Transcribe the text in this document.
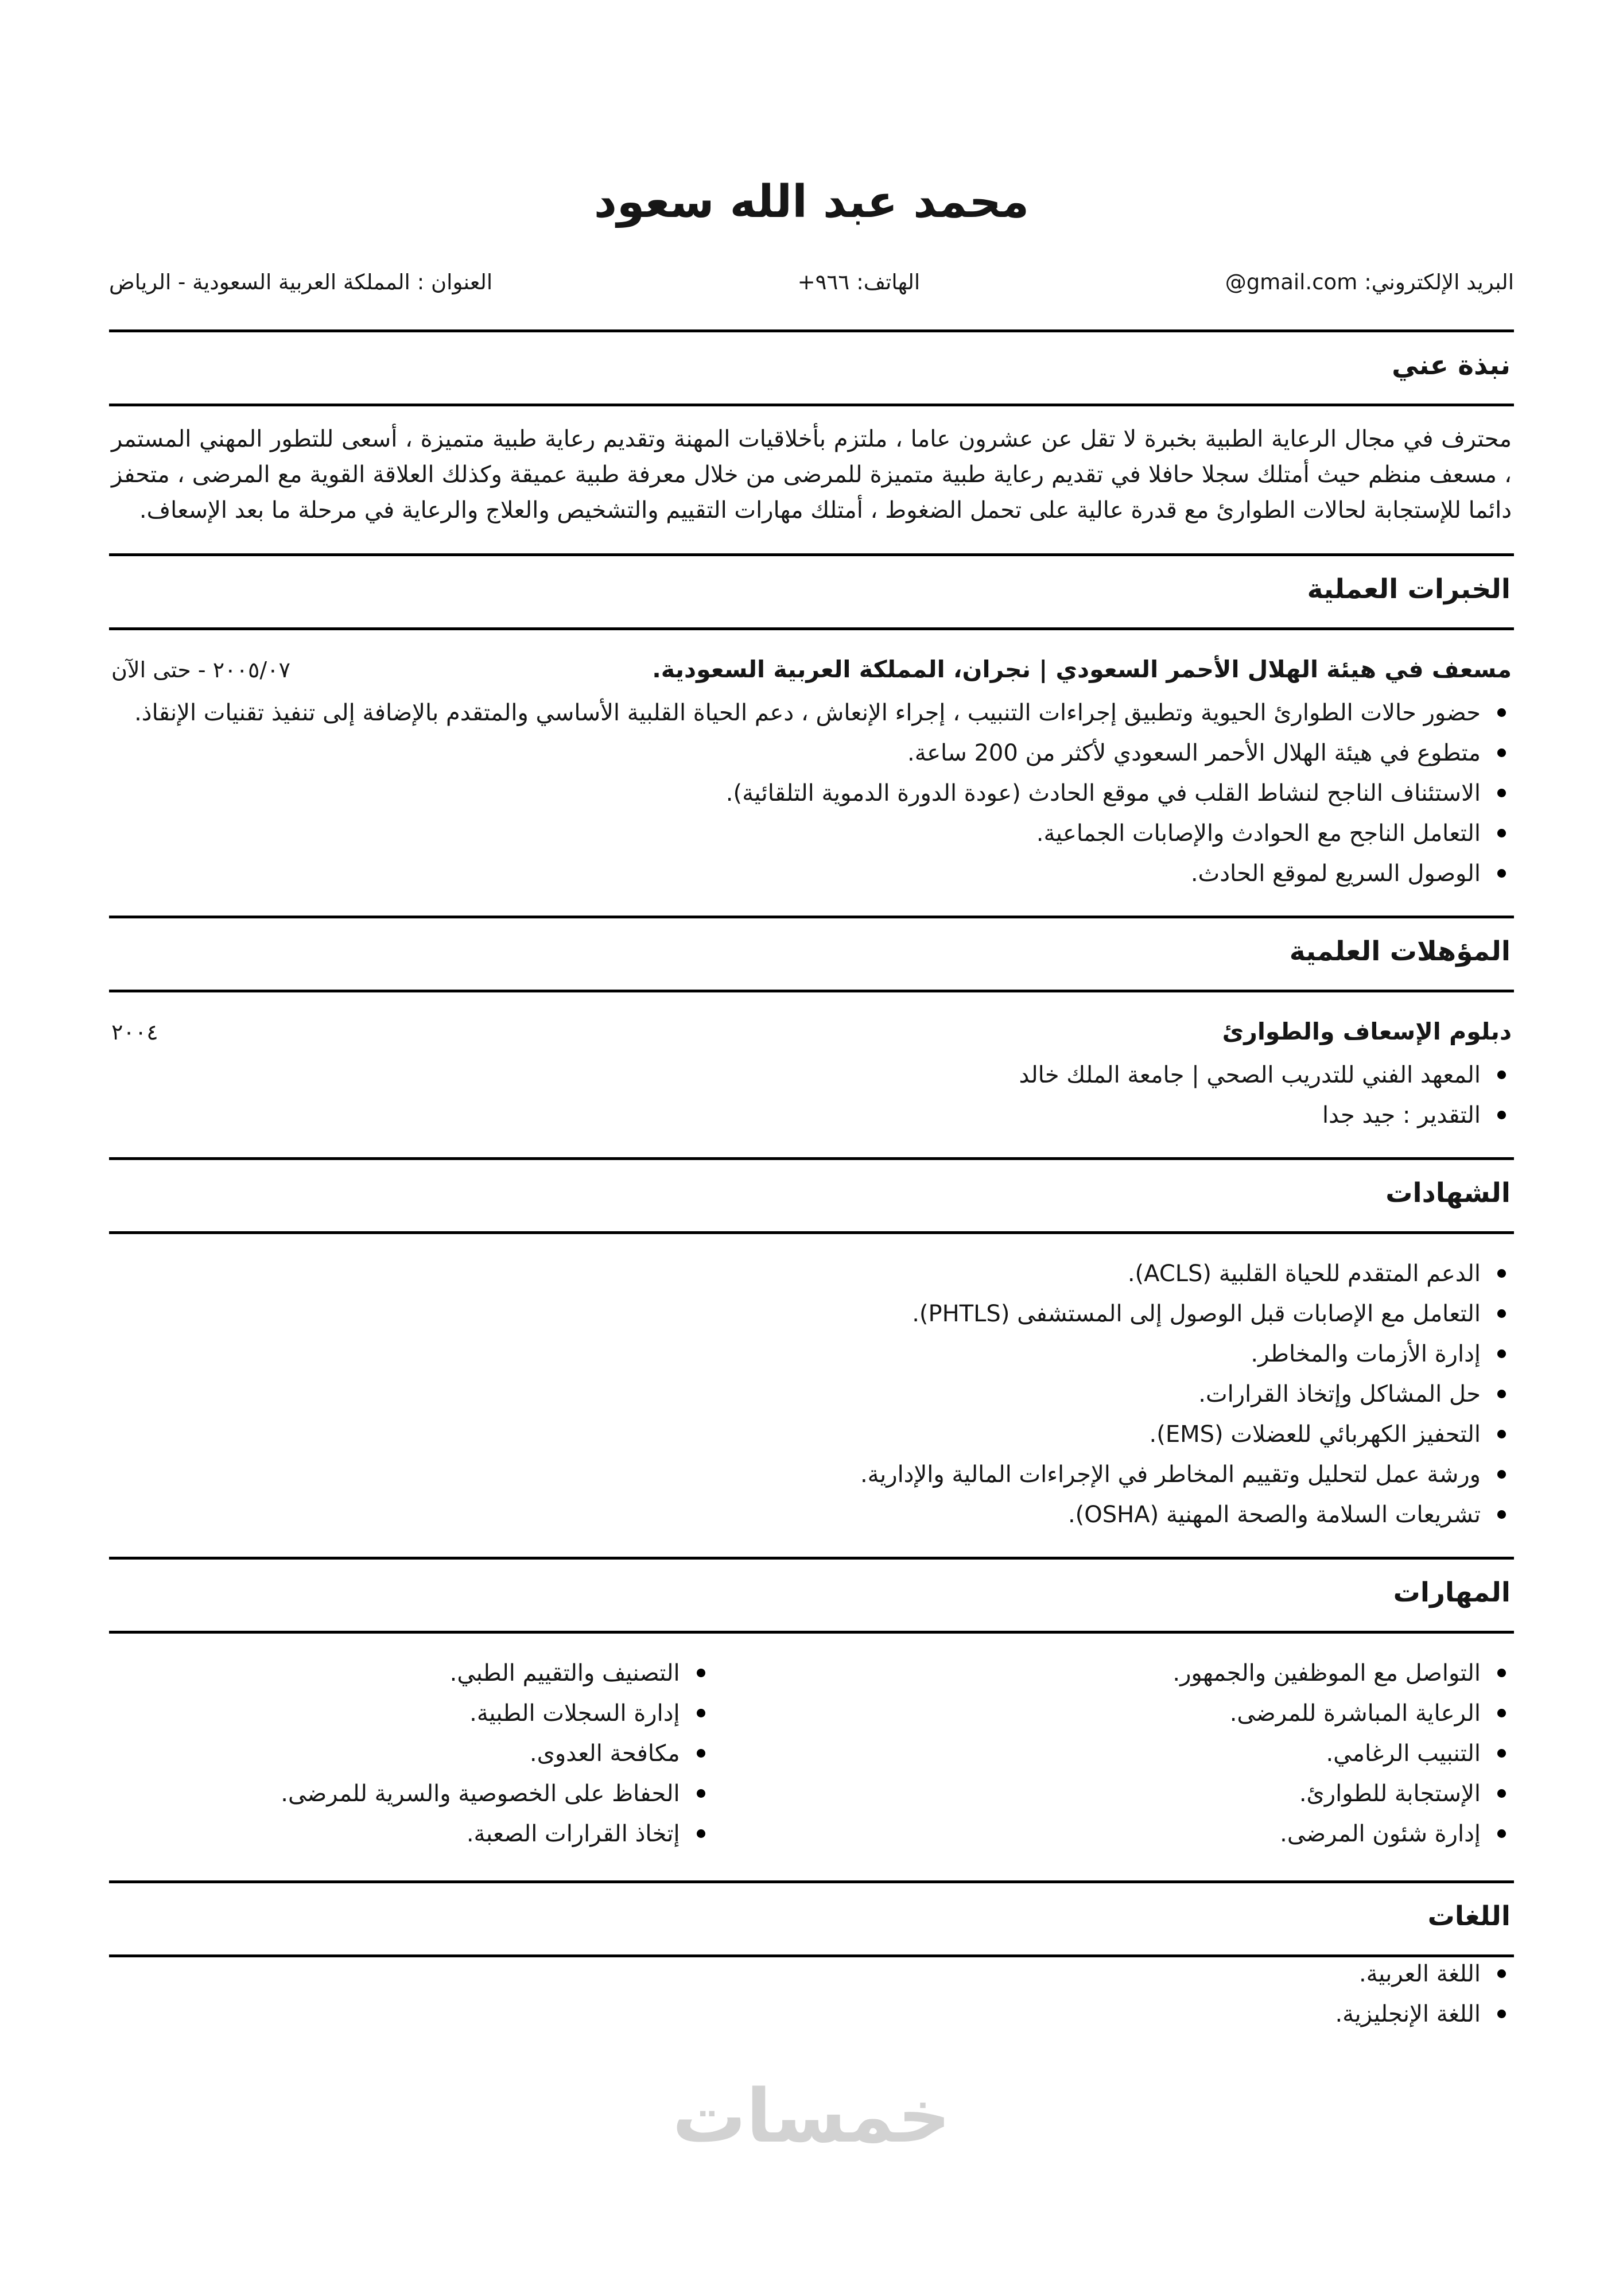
محمد عبد الله سعود
البريد الإلكتروني:@gmail.com
الهاتف:+٩٦٦
العنوان :المملكة العربية السعودية - الرياض
نبذة عني

محترف في مجال الرعاية الطبية بخبرة لا تقل عن عشرون عاما ، ملتزم بأخلاقيات المهنة وتقديم رعاية طبية متميزة ، أسعى للتطور المهني المستمر ، مسعف منظم حيث أمتلك سجلا حافلا في تقديم رعاية طبية متميزة للمرضى من خلال معرفة طبية عميقة وكذلك العلاقة القوية مع المرضى ، متحفز دائما للإستجابة لحالات الطوارئ مع قدرة عالية على تحمل الضغوط ، أمتلك مهارات التقييم والتشخيص والعلاج والرعاية في مرحلة ما بعد الإسعاف.

الخبرات العملية
مسعف في هيئة الهلال الأحمر السعودي | نجران، المملكة العربية السعودية.
٢٠٠٥/٠٧ - حتى الآن
حضور حالات الطوارئ الحيوية وتطبيق إجراءات التنبيب ، إجراء الإنعاش ، دعم الحياة القلبية الأساسي والمتقدم بالإضافة إلى تنفيذ تقنيات الإنقاذ.
متطوع في هيئة الهلال الأحمر السعودي لأكثر من 200 ساعة.
الاستئناف الناجح لنشاط القلب في موقع الحادث (عودة الدورة الدموية التلقائية).
التعامل الناجح مع الحوادث والإصابات الجماعية.
الوصول السريع لموقع الحادث.
المؤهلات العلمية
دبلوم الإسعاف والطوارئ
٢٠٠٤
المعهد الفني للتدريب الصحي | جامعة الملك خالد
التقدير : جيد جدا
الشهادات
الدعم المتقدم للحياة القلبية (ACLS).
التعامل مع الإصابات قبل الوصول إلى المستشفى (PHTLS).
إدارة الأزمات والمخاطر.
حل المشاكل وإتخاذ القرارات.
التحفيز الكهربائي للعضلات (EMS).
ورشة عمل لتحليل وتقييم المخاطر في الإجراءات المالية والإدارية.
تشريعات السلامة والصحة المهنية (OSHA).
المهارات
التواصل مع الموظفين والجمهور.
الرعاية المباشرة للمرضى.
التنبيب الرغامي.
الإستجابة للطوارئ.
إدارة شئون المرضى.
التصنيف والتقييم الطبي.
إدارة السجلات الطبية.
مكافحة العدوى.
الحفاظ على الخصوصية والسرية للمرضى.
إتخاذ القرارات الصعبة.
اللغات
اللغة العربية.
اللغة الإنجليزية.
خمسات
